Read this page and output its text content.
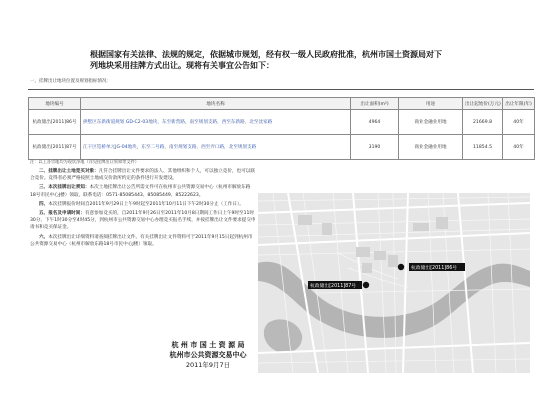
根据国家有关法律、法规的规定，依据城市规划，经有权一级人民政府批准，杭州市国土资源局对下
列地块采用挂牌方式出让。现将有关事宜公告如下：
一、挂牌出让地块位置及规划指标情况：
地块编号	地块名称	出让面积(m²)	用途	出让起始价(万元)	出让年限(年)
杭政储出[2011]86号	拱墅区东新街道规划 GD-C2-03地块，东至新营路，南至规划支路，西至东新路，北至沈家路	4964	商业金融业用地	21669.8	40年
杭政储出[2011]87号	江干区笕桥单元JG-04地块，东至二号路，南至规划支路，西至弄口路，北至规划支路	3190	商业金融业用地	11854.5	40年
注：以上各宗地均为现状净地（详见挂牌出让须知等文件）

二、挂牌出让土地竞买对象：凡符合挂牌出让文件要求的法人、其他组织和个人，可以独立竞价，也可以联合竞价。竞得者必须严格按照土地成交价款所约定的条件进行开发建设。

三、本次挂牌出让须知：本次土地挂牌出让公告所需文件可在杭州市公共资源交易中心（杭州市解放东路18号市民中心J楼）领取，联系电话：0571-85085443、85085449、85222623。

四、本次挂牌报价时间自2011年9月29日上午9时起至2011年10月11日下午2时30分止（工作日）。

五、报名及申请时间：有意参加竞买的，自2011年9月26日至2011年10月8日期间工作日上午9时至11时30分、下午1时30分至4时45分，到杭州市公共资源交易中心办理竞买报名手续，并按挂牌出让文件要求提交申请书和竞买保证金。

六、本次挂牌出让详细资料请查阅挂牌出让文件。有关挂牌出让文件资料可于2011年9月15日起到杭州市公共资源交易中心（杭州市解放东路18号市民中心J楼）领取。

杭政储出[2011]86号
杭政储出[2011]87号
杭 州 市 国 土 资 源 局
杭州市公共资源交易中心
2011年9月7日
